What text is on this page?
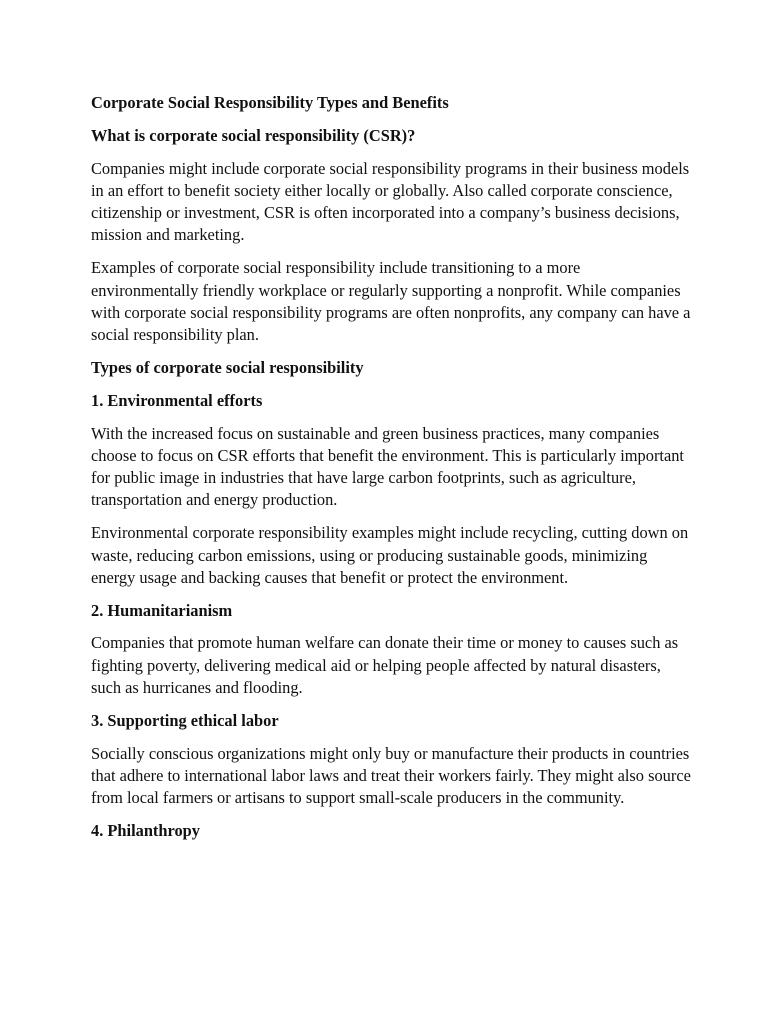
Corporate Social Responsibility Types and Benefits

What is corporate social responsibility (CSR)?

Companies might include corporate social responsibility programs in their business models in an effort to benefit society either locally or globally. Also called corporate conscience, citizenship or investment, CSR is often incorporated into a company’s business decisions, mission and marketing.

Examples of corporate social responsibility include transitioning to a more environmentally friendly workplace or regularly supporting a nonprofit. While companies with corporate social responsibility programs are often nonprofits, any company can have a social responsibility plan.

Types of corporate social responsibility

1. Environmental efforts

With the increased focus on sustainable and green business practices, many companies choose to focus on CSR efforts that benefit the environment. This is particularly important for public image in industries that have large carbon footprints, such as agriculture, transportation and energy production.

Environmental corporate responsibility examples might include recycling, cutting down on waste, reducing carbon emissions, using or producing sustainable goods, minimizing energy usage and backing causes that benefit or protect the environment.

2. Humanitarianism

Companies that promote human welfare can donate their time or money to causes such as fighting poverty, delivering medical aid or helping people affected by natural disasters, such as hurricanes and flooding.

3. Supporting ethical labor

Socially conscious organizations might only buy or manufacture their products in countries that adhere to international labor laws and treat their workers fairly. They might also source from local farmers or artisans to support small-scale producers in the community.

4. Philanthropy
